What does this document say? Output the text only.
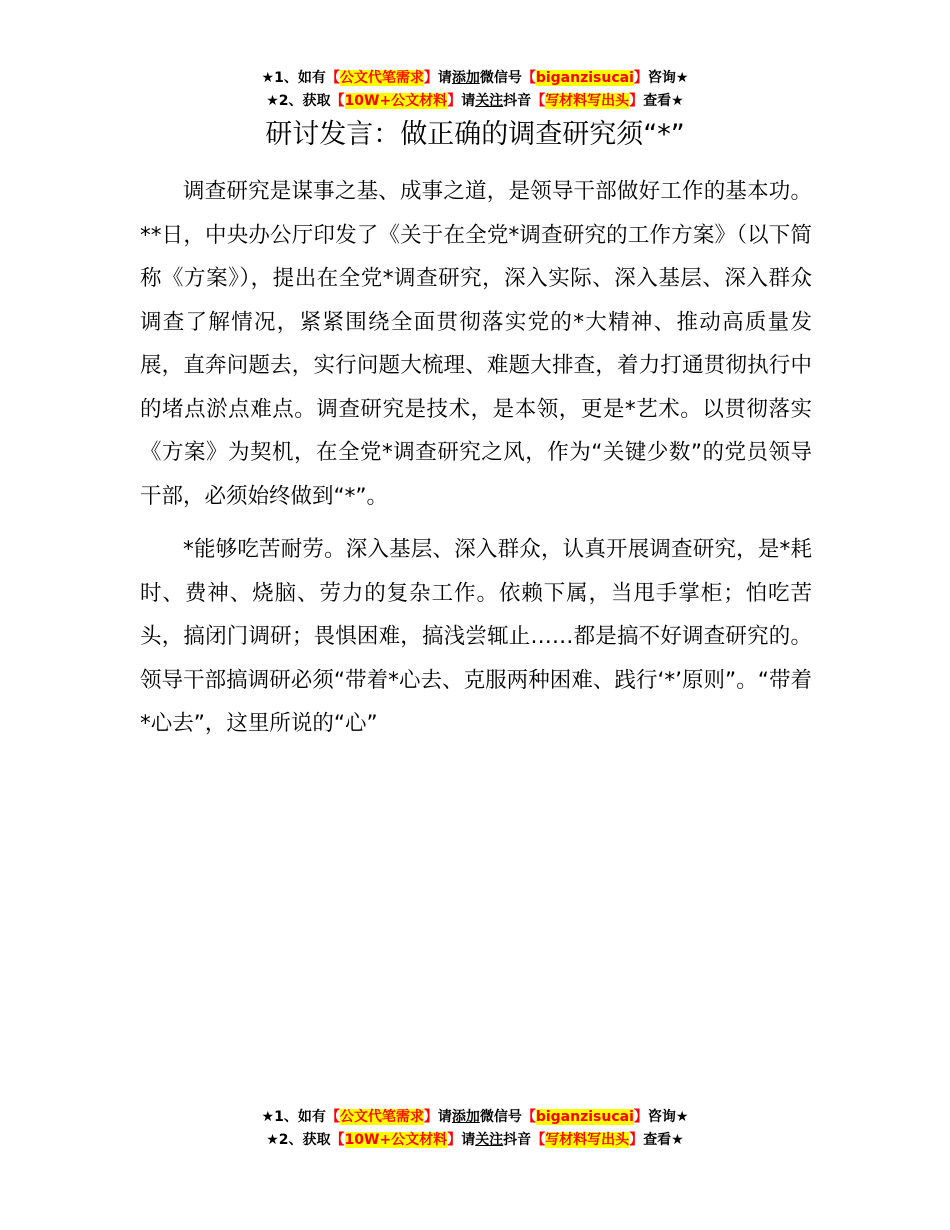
★1、如有【公文代笔需求】请添加微信号【biganzisucai】咨询★
★2、获取【10W+公文材料】请关注抖音【写材料写出头】查看★
研讨发言：做正确的调查研究须“*”

调查研究是谋事之基、成事之道，是领导干部做好工作的基本功。**日，中央办公厅印发了《关于在全党*调查研究的工作方案》（以下简称《方案》），提出在全党*调查研究，深入实际、深入基层、深入群众调查了解情况，紧紧围绕全面贯彻落实党的*大精神、推动高质量发展，直奔问题去，实行问题大梳理、难题大排查，着力打通贯彻执行中的堵点淤点难点。调查研究是技术，是本领，更是*艺术。以贯彻落实《方案》为契机，在全党*调查研究之风，作为“关键少数”的党员领导干部，必须始终做到“*”。

*能够吃苦耐劳。深入基层、深入群众，认真开展调查研究，是*耗时、费神、烧脑、劳力的复杂工作。依赖下属，当甩手掌柜；怕吃苦头，搞闭门调研；畏惧困难，搞浅尝辄止……都是搞不好调查研究的。领导干部搞调研必须“带着*心去、克服两种困难、践行‘*’原则”。“带着*心去”，这里所说的“心”

★1、如有【公文代笔需求】请添加微信号【biganzisucai】咨询★
★2、获取【10W+公文材料】请关注抖音【写材料写出头】查看★
